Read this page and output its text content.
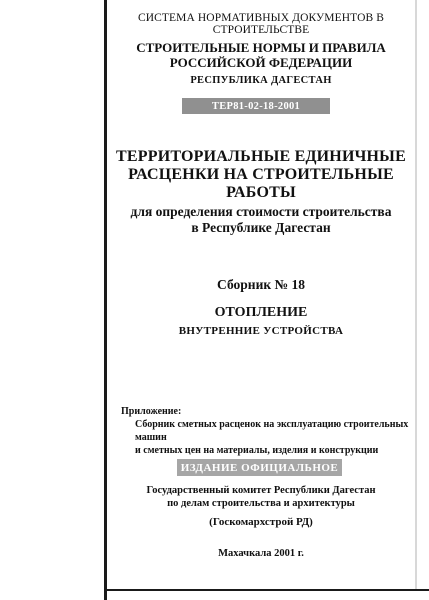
СИСТЕМА НОРМАТИВНЫХ ДОКУМЕНТОВ В СТРОИТЕЛЬСТВЕ
СТРОИТЕЛЬНЫЕ НОРМЫ И ПРАВИЛА
РОССИЙСКОЙ ФЕДЕРАЦИИ
РЕСПУБЛИКА ДАГЕСТАН
ТЕР81-02-18-2001
ТЕРРИТОРИАЛЬНЫЕ ЕДИНИЧНЫЕ
РАСЦЕНКИ НА СТРОИТЕЛЬНЫЕ
РАБОТЫ
для определения стоимости строительства
в Республике Дагестан
Сборник № 18
ОТОПЛЕНИЕ
ВНУТРЕННИЕ УСТРОЙСТВА
Приложение:
Сборник сметных расценок на эксплуатацию строительных машин
и сметных цен на материалы, изделия и конструкции
ИЗДАНИЕ ОФИЦИАЛЬНОЕ
Государственный комитет Республики Дагестан
по делам строительства и архитектуры
(Госкомархстрой РД)
Махачкала 2001 г.
